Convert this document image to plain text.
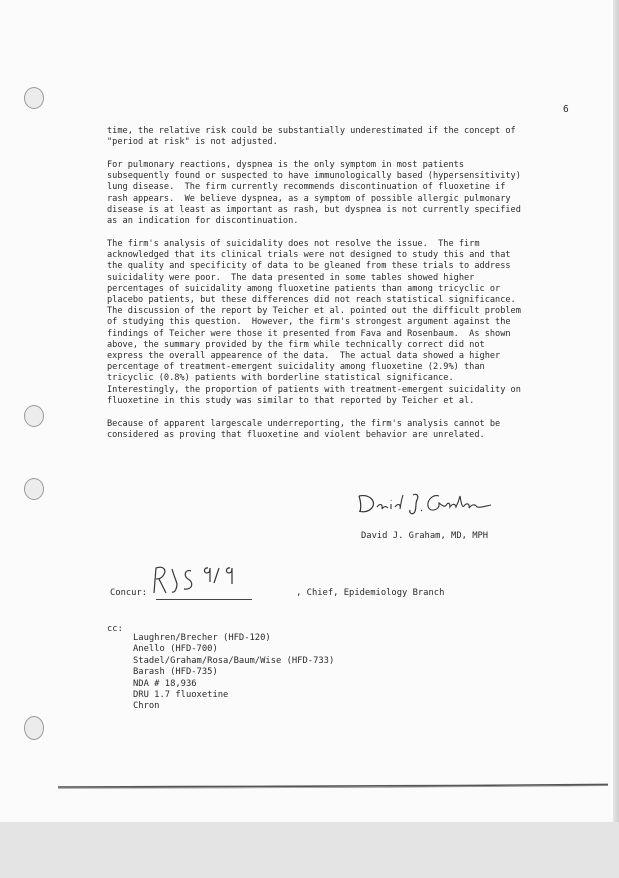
6

time, the relative risk could be substantially underestimated if the concept of
"period at risk" is not adjusted.

For pulmonary reactions, dyspnea is the only symptom in most patients
subsequently found or suspected to have immunologically based (hypersensitivity)
lung disease.  The firm currently recommends discontinuation of fluoxetine if
rash appears.  We believe dyspnea, as a symptom of possible allergic pulmonary
disease is at least as important as rash, but dyspnea is not currently specified
as an indication for discontinuation.

The firm's analysis of suicidality does not resolve the issue.  The firm
acknowledged that its clinical trials were not designed to study this and that
the quality and specificity of data to be gleaned from these trials to address
suicidality were poor.  The data presented in some tables showed higher
percentages of suicidality among fluoxetine patients than among tricyclic or
placebo patients, but these differences did not reach statistical significance.
The discussion of the report by Teicher et al. pointed out the difficult problem
of studying this question.  However, the firm's strongest argument against the
findings of Teicher were those it presented from Fava and Rosenbaum.  As shown
above, the summary provided by the firm while technically correct did not
express the overall appearence of the data.  The actual data showed a higher
percentage of treatment-emergent suicidality among fluoxetine (2.9%) than
tricyclic (0.8%) patients with borderline statistical significance.
Interestingly, the proportion of patients with treatment-emergent suicidality on
fluoxetine in this study was similar to that reported by Teicher et al.

Because of apparent largescale underreporting, the firm's analysis cannot be
considered as proving that fluoxetine and violent behavior are unrelated.

David J. Graham, MD, MPH
Concur:	, Chief, Epidemiology Branch
cc:
Laughren/Brecher (HFD-120)
Anello (HFD-700)
Stadel/Graham/Rosa/Baum/Wise (HFD-733)
Barash (HFD-735)
NDA # 18,936
DRU 1.7 fluoxetine
Chron
